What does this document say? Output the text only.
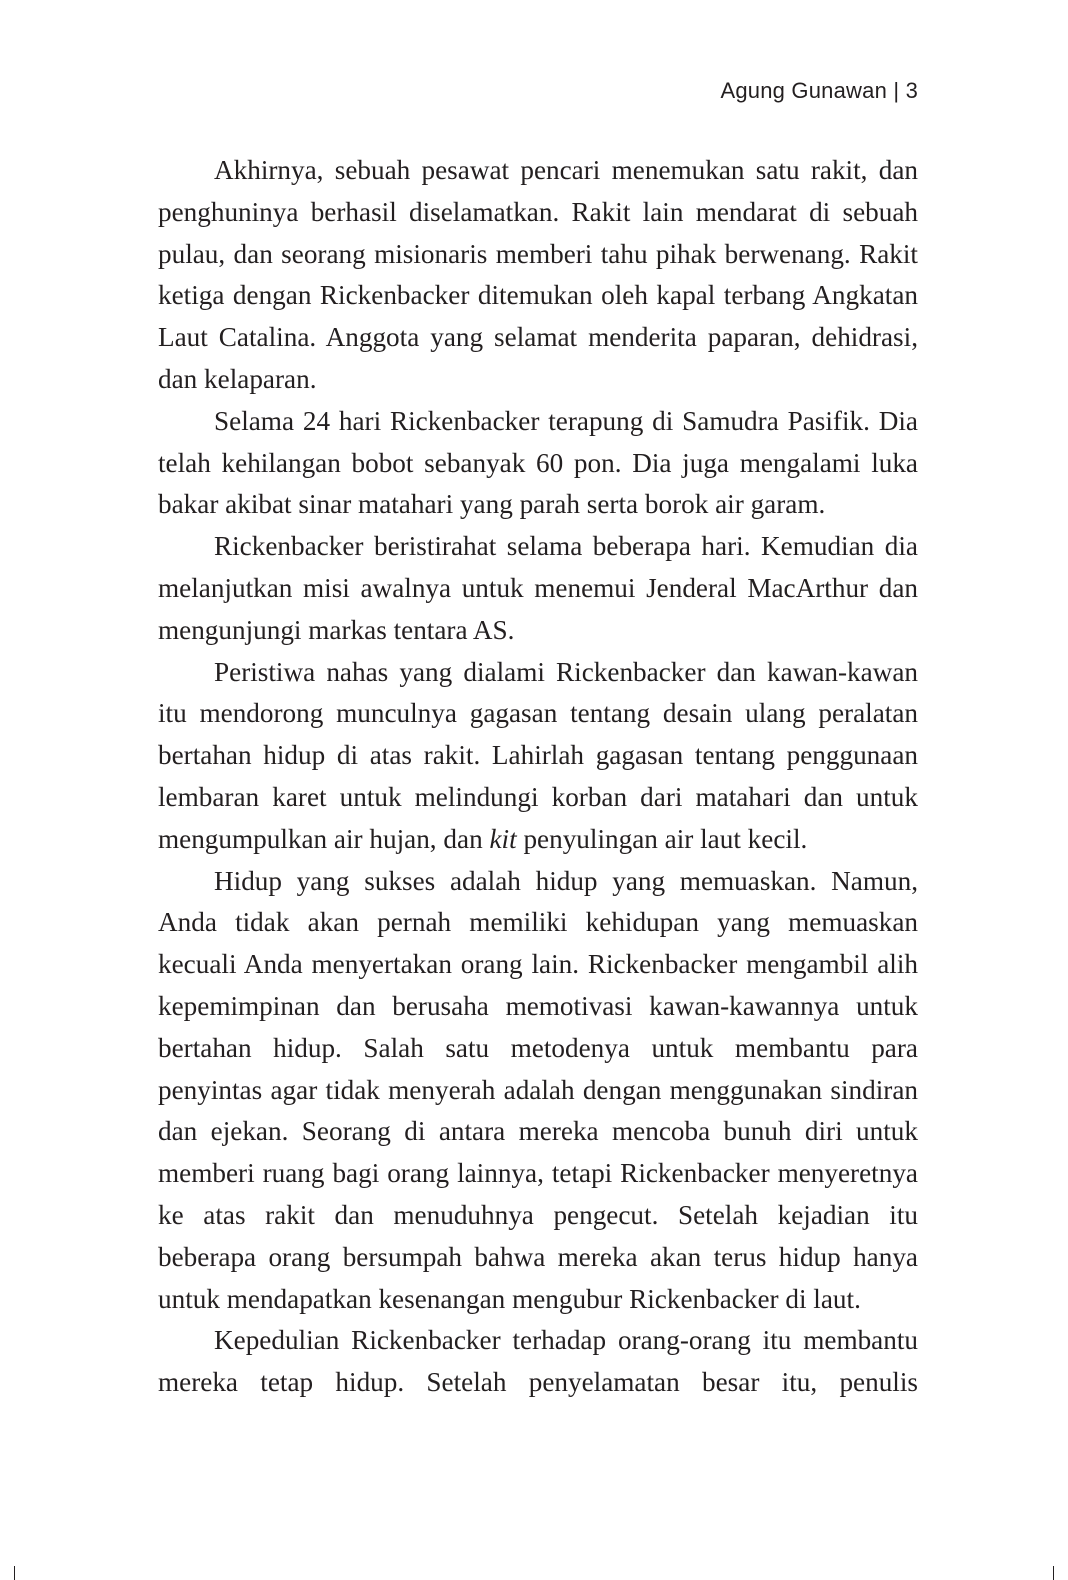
Agung Gunawan | 3

Akhirnya, sebuah pesawat pencari menemukan satu rakit, dan penghuninya berhasil diselamatkan. Rakit lain mendarat di sebuah pulau, dan seorang misionaris memberi tahu pihak berwenang. Rakit ketiga dengan Rickenbacker ditemukan oleh kapal terbang Angkatan Laut Catalina. Anggota yang selamat menderita paparan, dehidrasi, dan kelaparan.

Selama 24 hari Rickenbacker terapung di Samudra Pasifik. Dia telah kehilangan bobot sebanyak 60 pon. Dia juga mengalami luka bakar akibat sinar matahari yang parah serta borok air garam.

Rickenbacker beristirahat selama beberapa hari. Kemudian dia melanjutkan misi awalnya untuk menemui Jenderal MacArthur dan mengunjungi markas tentara AS.

Peristiwa nahas yang dialami Rickenbacker dan kawan-kawan itu mendorong munculnya gagasan tentang desain ulang peralatan bertahan hidup di atas rakit. Lahirlah gagasan tentang penggunaan lembaran karet untuk melindungi korban dari matahari dan untuk mengumpulkan air hujan, dan kit penyulingan air laut kecil.

Hidup yang sukses adalah hidup yang memuaskan. Namun, Anda tidak akan pernah memiliki kehidupan yang memuaskan kecuali Anda menyertakan orang lain. Rickenbacker mengambil alih kepemimpinan dan berusaha memotivasi kawan-kawannya untuk bertahan hidup. Salah satu metodenya untuk membantu para penyintas agar tidak menyerah adalah dengan menggunakan sindiran dan ejekan. Seorang di antara mereka mencoba bunuh diri untuk memberi ruang bagi orang lainnya, tetapi Rickenbacker menyeretnya ke atas rakit dan menuduhnya pengecut. Setelah kejadian itu beberapa orang bersumpah bahwa mereka akan terus hidup hanya untuk mendapatkan kesenangan mengubur Rickenbacker di laut.

Kepedulian Rickenbacker terhadap orang-orang itu membantu mereka tetap hidup. Setelah penyelamatan besar itu, penulis
